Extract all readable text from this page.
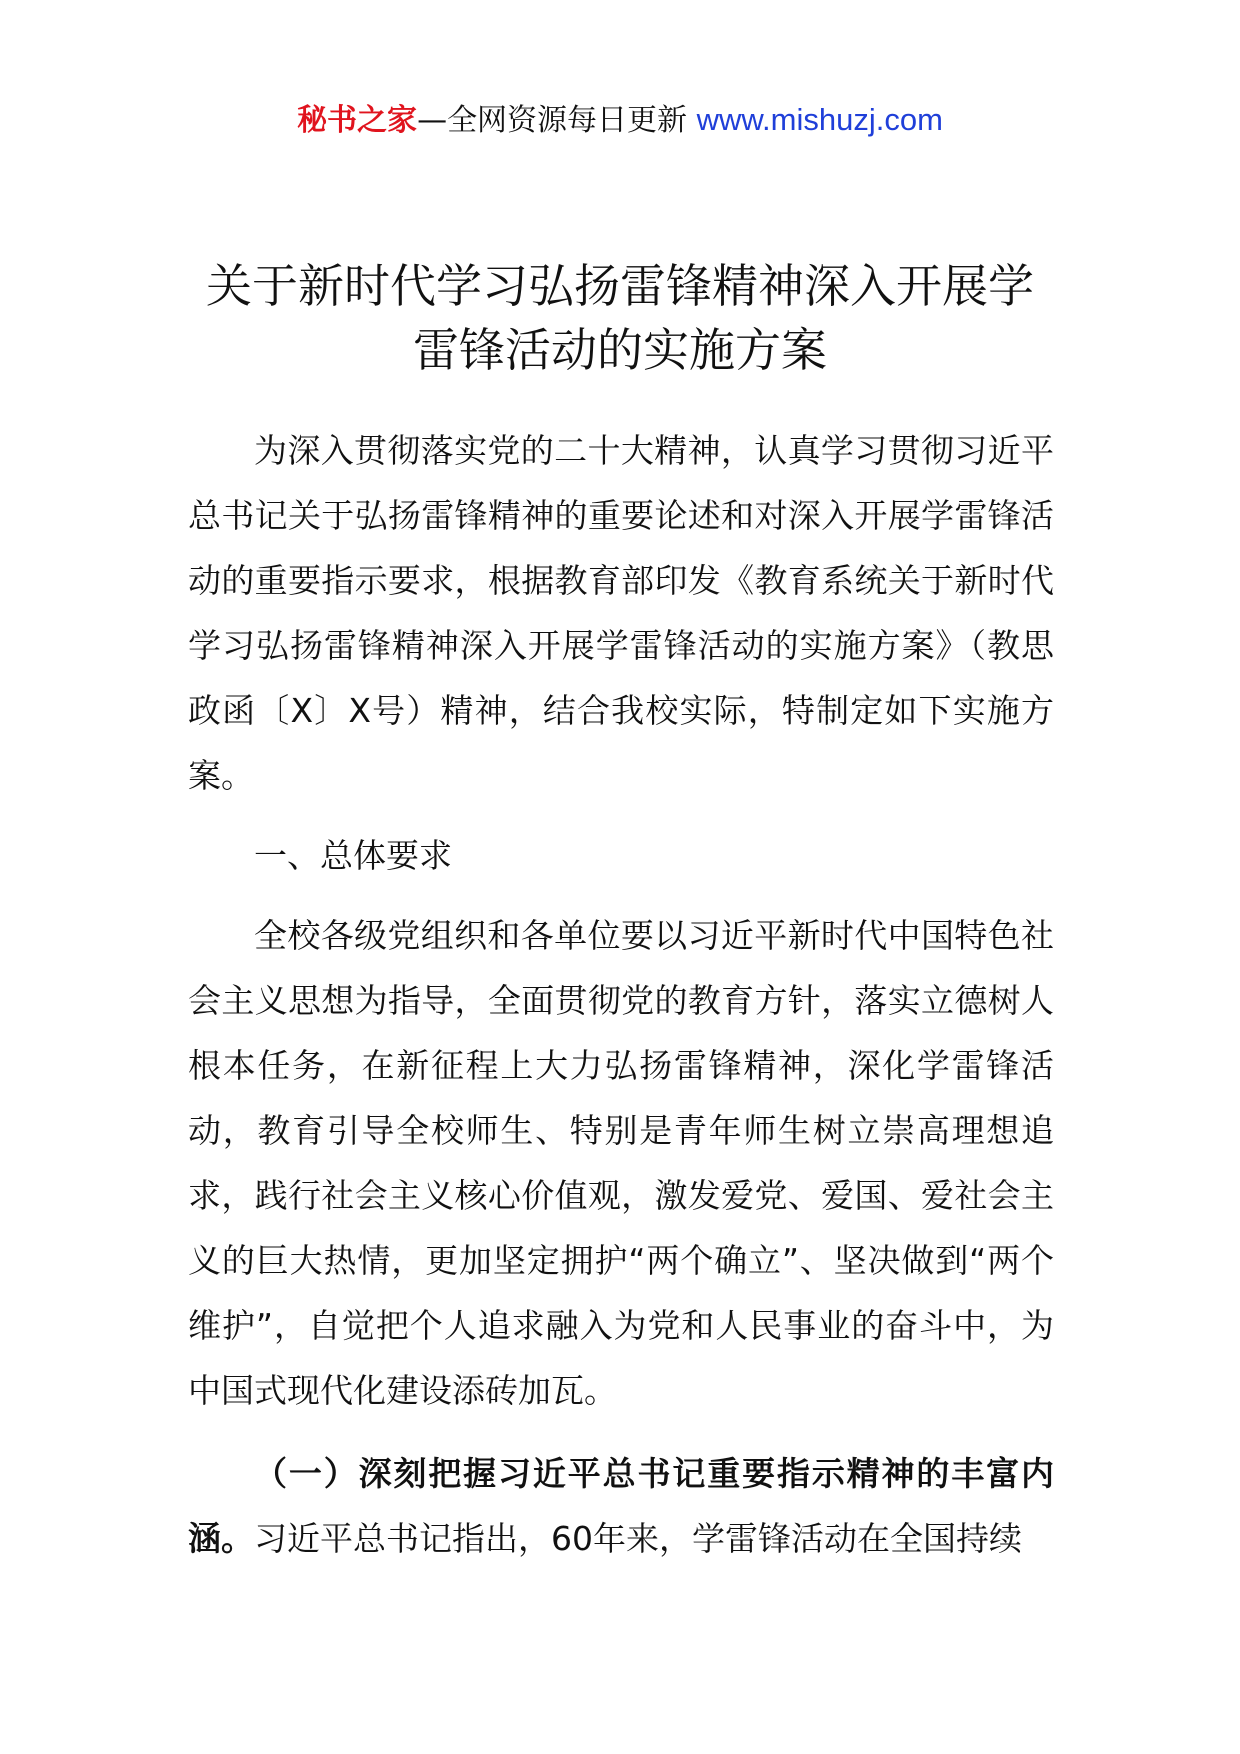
秘书之家—全网资源每日更新 www.mishuzj.com
关于新时代学习弘扬雷锋精神深入开展学雷锋活动的实施方案

为深入贯彻落实党的二十大精神，认真学习贯彻习近平总书记关于弘扬雷锋精神的重要论述和对深入开展学雷锋活动的重要指示要求，根据教育部印发《教育系统关于新时代学习弘扬雷锋精神深入开展学雷锋活动的实施方案》（教思政函〔X〕X号）精神，结合我校实际，特制定如下实施方案。

一、总体要求

全校各级党组织和各单位要以习近平新时代中国特色社会主义思想为指导，全面贯彻党的教育方针，落实立德树人根本任务，在新征程上大力弘扬雷锋精神，深化学雷锋活动，教育引导全校师生、特别是青年师生树立崇高理想追求，践行社会主义核心价值观，激发爱党、爱国、爱社会主义的巨大热情，更加坚定拥护“两个确立”、坚决做到“两个维护”，自觉把个人追求融入为党和人民事业的奋斗中，为中国式现代化建设添砖加瓦。

（一）深刻把握习近平总书记重要指示精神的丰富内涵。习近平总书记指出，60年来，学雷锋活动在全国持续
